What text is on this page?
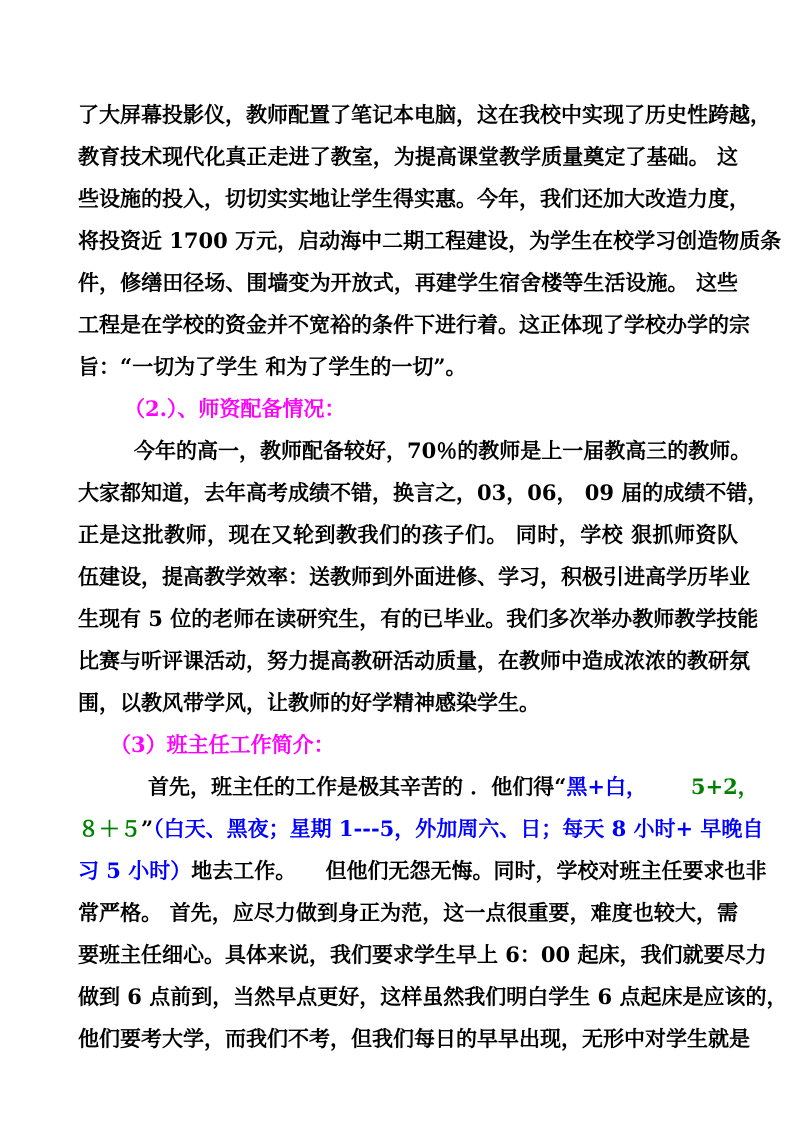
了大屏幕投影仪，教师配置了笔记本电脑，这在我校中实现了历史性跨越，
教育技术现代化真正走进了教室，为提高课堂教学质量奠定了基础。 这
些设施的投入，切切实实地让学生得实惠。今年，我们还加大改造力度，
将投资近 1700 万元，启动海中二期工程建设，为学生在校学习创造物质条
件，修缮田径场、围墙变为开放式，再建学生宿舍楼等生活设施。 这些
工程是在学校的资金并不宽裕的条件下进行着。这正体现了学校办学的宗
旨：“一切为了学生 和为了学生的一切”。
（2.）、师资配备情况：
今年的高一，教师配备较好，70％的教师是上一届教高三的教师。
大家都知道，去年高考成绩不错，换言之，03，06， 09 届的成绩不错，
正是这批教师，现在又轮到教我们的孩子们。 同时，学校 狠抓师资队
伍建设，提高教学效率：送教师到外面进修、学习，积极引进高学历毕业
生现有 5 位的老师在读研究生，有的已毕业。我们多次举办教师教学技能
比赛与听评课活动，努力提高教研活动质量，在教师中造成浓浓的教研氛
围，以教风带学风，让教师的好学精神感染学生。
（3）班主任工作简介：
首先，班主任的工作是极其辛苦的 ．他们得“黑+白，      5+2，
８＋５”（白天、黑夜；星期 1---5，外加周六、日；每天 8 小时+ 早晚自
习 5 小时）地去工作。    但他们无怨无悔。同时，学校对班主任要求也非
常严格。 首先，应尽力做到身正为范，这一点很重要，难度也较大，需
要班主任细心。具体来说，我们要求学生早上 6：00 起床，我们就要尽力
做到 6 点前到，当然早点更好，这样虽然我们明白学生 6 点起床是应该的，
他们要考大学，而我们不考，但我们每日的早早出现，无形中对学生就是
